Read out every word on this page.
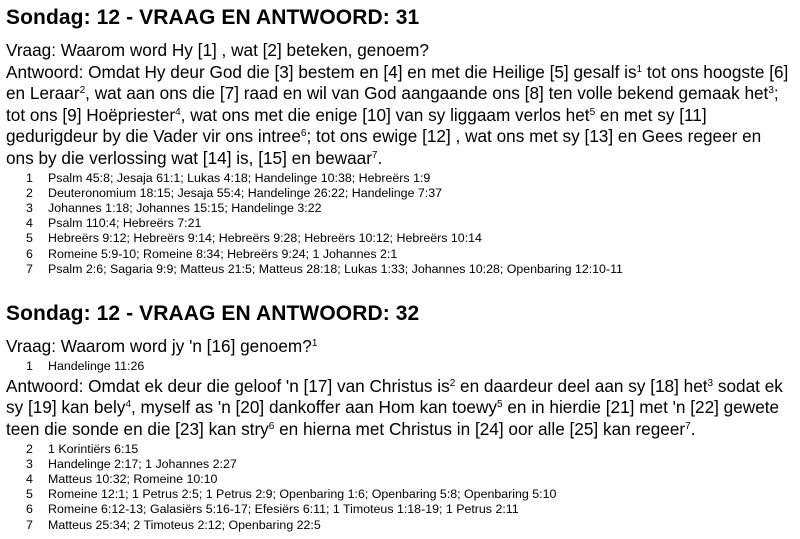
Sondag: 12 - VRAAG EN ANTWOORD: 31

Vraag: Waarom word Hy [1] , wat [2] beteken, genoem?

Antwoord: Omdat Hy deur God die [3] bestem en [4] en met die Heilige [5] gesalf $is^1$ tot ons hoogste [6] en Leraar$^2$, wat aan ons die [7] raad en wil van God aangaande ons [8] ten volle bekend gemaak het$^3$; tot ons [9] Hoëpriester$^4$, wat ons met die enige [10] van sy liggaam verlos het$^5$ en met sy [11] gedurigdeur by die Vader vir ons intree$^6$; tot ons ewige [12] , wat ons met sy [13] en Gees regeer en ons by die verlossing wat [14] is, [15] en bewaar$^7$.

1 Psalm 45:8; Jesaja 61:1; Lukas 4:18; Handelinge 10:38; Hebreërs 1:9
2 Deuteronomium 18:15; Jesaja 55:4; Handelinge 26:22; Handelinge 7:37
3 Johannes 1:18; Johannes 15:15; Handelinge 3:22
4 Psalm 110:4; Hebreërs 7:21
5 Hebreërs 9:12; Hebreërs 9:14; Hebreërs 9:28; Hebreërs 10:12; Hebreërs 10:14
6 Romeine 5:9-10; Romeine 8:34; Hebreërs 9:24; 1 Johannes 2:1
7 Psalm 2:6; Sagaria 9:9; Matteus 21:5; Matteus 28:18; Lukas 1:33; Johannes 10:28; Openbaring 12:10-11
Sondag: 12 - VRAAG EN ANTWOORD: 32

Vraag: Waarom word jy 'n [16] genoem?$^1$

1 Handelinge 11:26

Antwoord: Omdat ek deur die geloof 'n [17] van Christus $is^2$ en daardeur deel aan sy [18] het$^3$ sodat ek sy [19] kan bely$^4$, myself as 'n [20] dankoffer aan Hom kan toewy$^5$ en in hierdie [21] met 'n [22] gewete teen die sonde en die [23] kan stry$^6$ en hierna met Christus in [24] oor alle [25] kan regeer$^7$.

2 1 Korintiërs 6:15
3 Handelinge 2:17; 1 Johannes 2:27
4 Matteus 10:32; Romeine 10:10
5 Romeine 12:1; 1 Petrus 2:5; 1 Petrus 2:9; Openbaring 1:6; Openbaring 5:8; Openbaring 5:10
6 Romeine 6:12-13; Galasiërs 5:16-17; Efesiërs 6:11; 1 Timoteus 1:18-19; 1 Petrus 2:11
7 Matteus 25:34; 2 Timoteus 2:12; Openbaring 22:5
